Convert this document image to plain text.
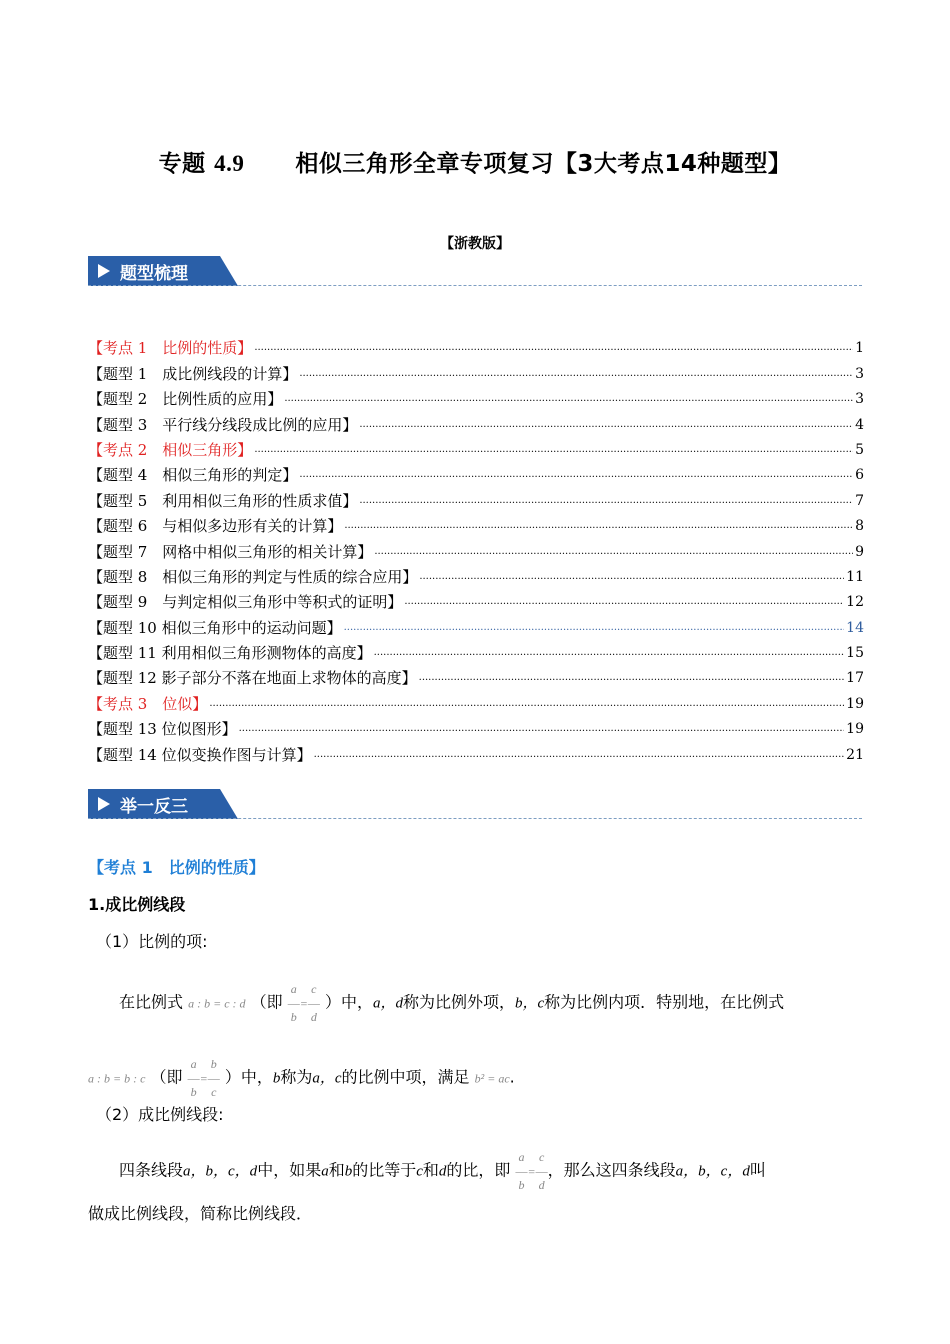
专题 4.9 相似三角形全章专项复习【3大考点14种题型】
【浙教版】
题型梳理
【考点 1　比例的性质】 .....	1
【题型 1　成比例线段的计算】 .....	3
【题型 2　比例性质的应用】 .....	3
【题型 3　平行线分线段成比例的应用】 .....	4
【考点 2　相似三角形】 .....	5
【题型 4　相似三角形的判定】 .....	6
【题型 5　利用相似三角形的性质求值】 .....	7
【题型 6　与相似多边形有关的计算】 .....	8
【题型 7　网格中相似三角形的相关计算】 .....	9
【题型 8　相似三角形的判定与性质的综合应用】 .....	11
【题型 9　与判定相似三角形中等积式的证明】 .....	12
【题型 10 相似三角形中的运动问题】 .....	14
【题型 11 利用相似三角形测物体的高度】 .....	15
【题型 12 影子部分不落在地面上求物体的高度】 .....	17
【考点 3　位似】 .....	19
【题型 13 位似图形】 .....	19
【题型 14 位似变换作图与计算】 .....	21
举一反三
【考点 1　比例的性质】
1.成比例线段
（1）比例的项:
在比例式 a : b = c : d （即 a
―
b=c
―
d ）中，a，d称为比例外项，b，c称为比例内项．特别地，在比例式
a : b = b : c （即 a
―
b=b
―
c ）中，b称为a，c的比例中项，满足 b² = ac.
（2）成比例线段:
四条线段a，b，c，d中，如果a和b的比等于c和d的比，即 a
―
b=c
―
d，那么这四条线段a，b，c，d叫
做成比例线段，简称比例线段．
